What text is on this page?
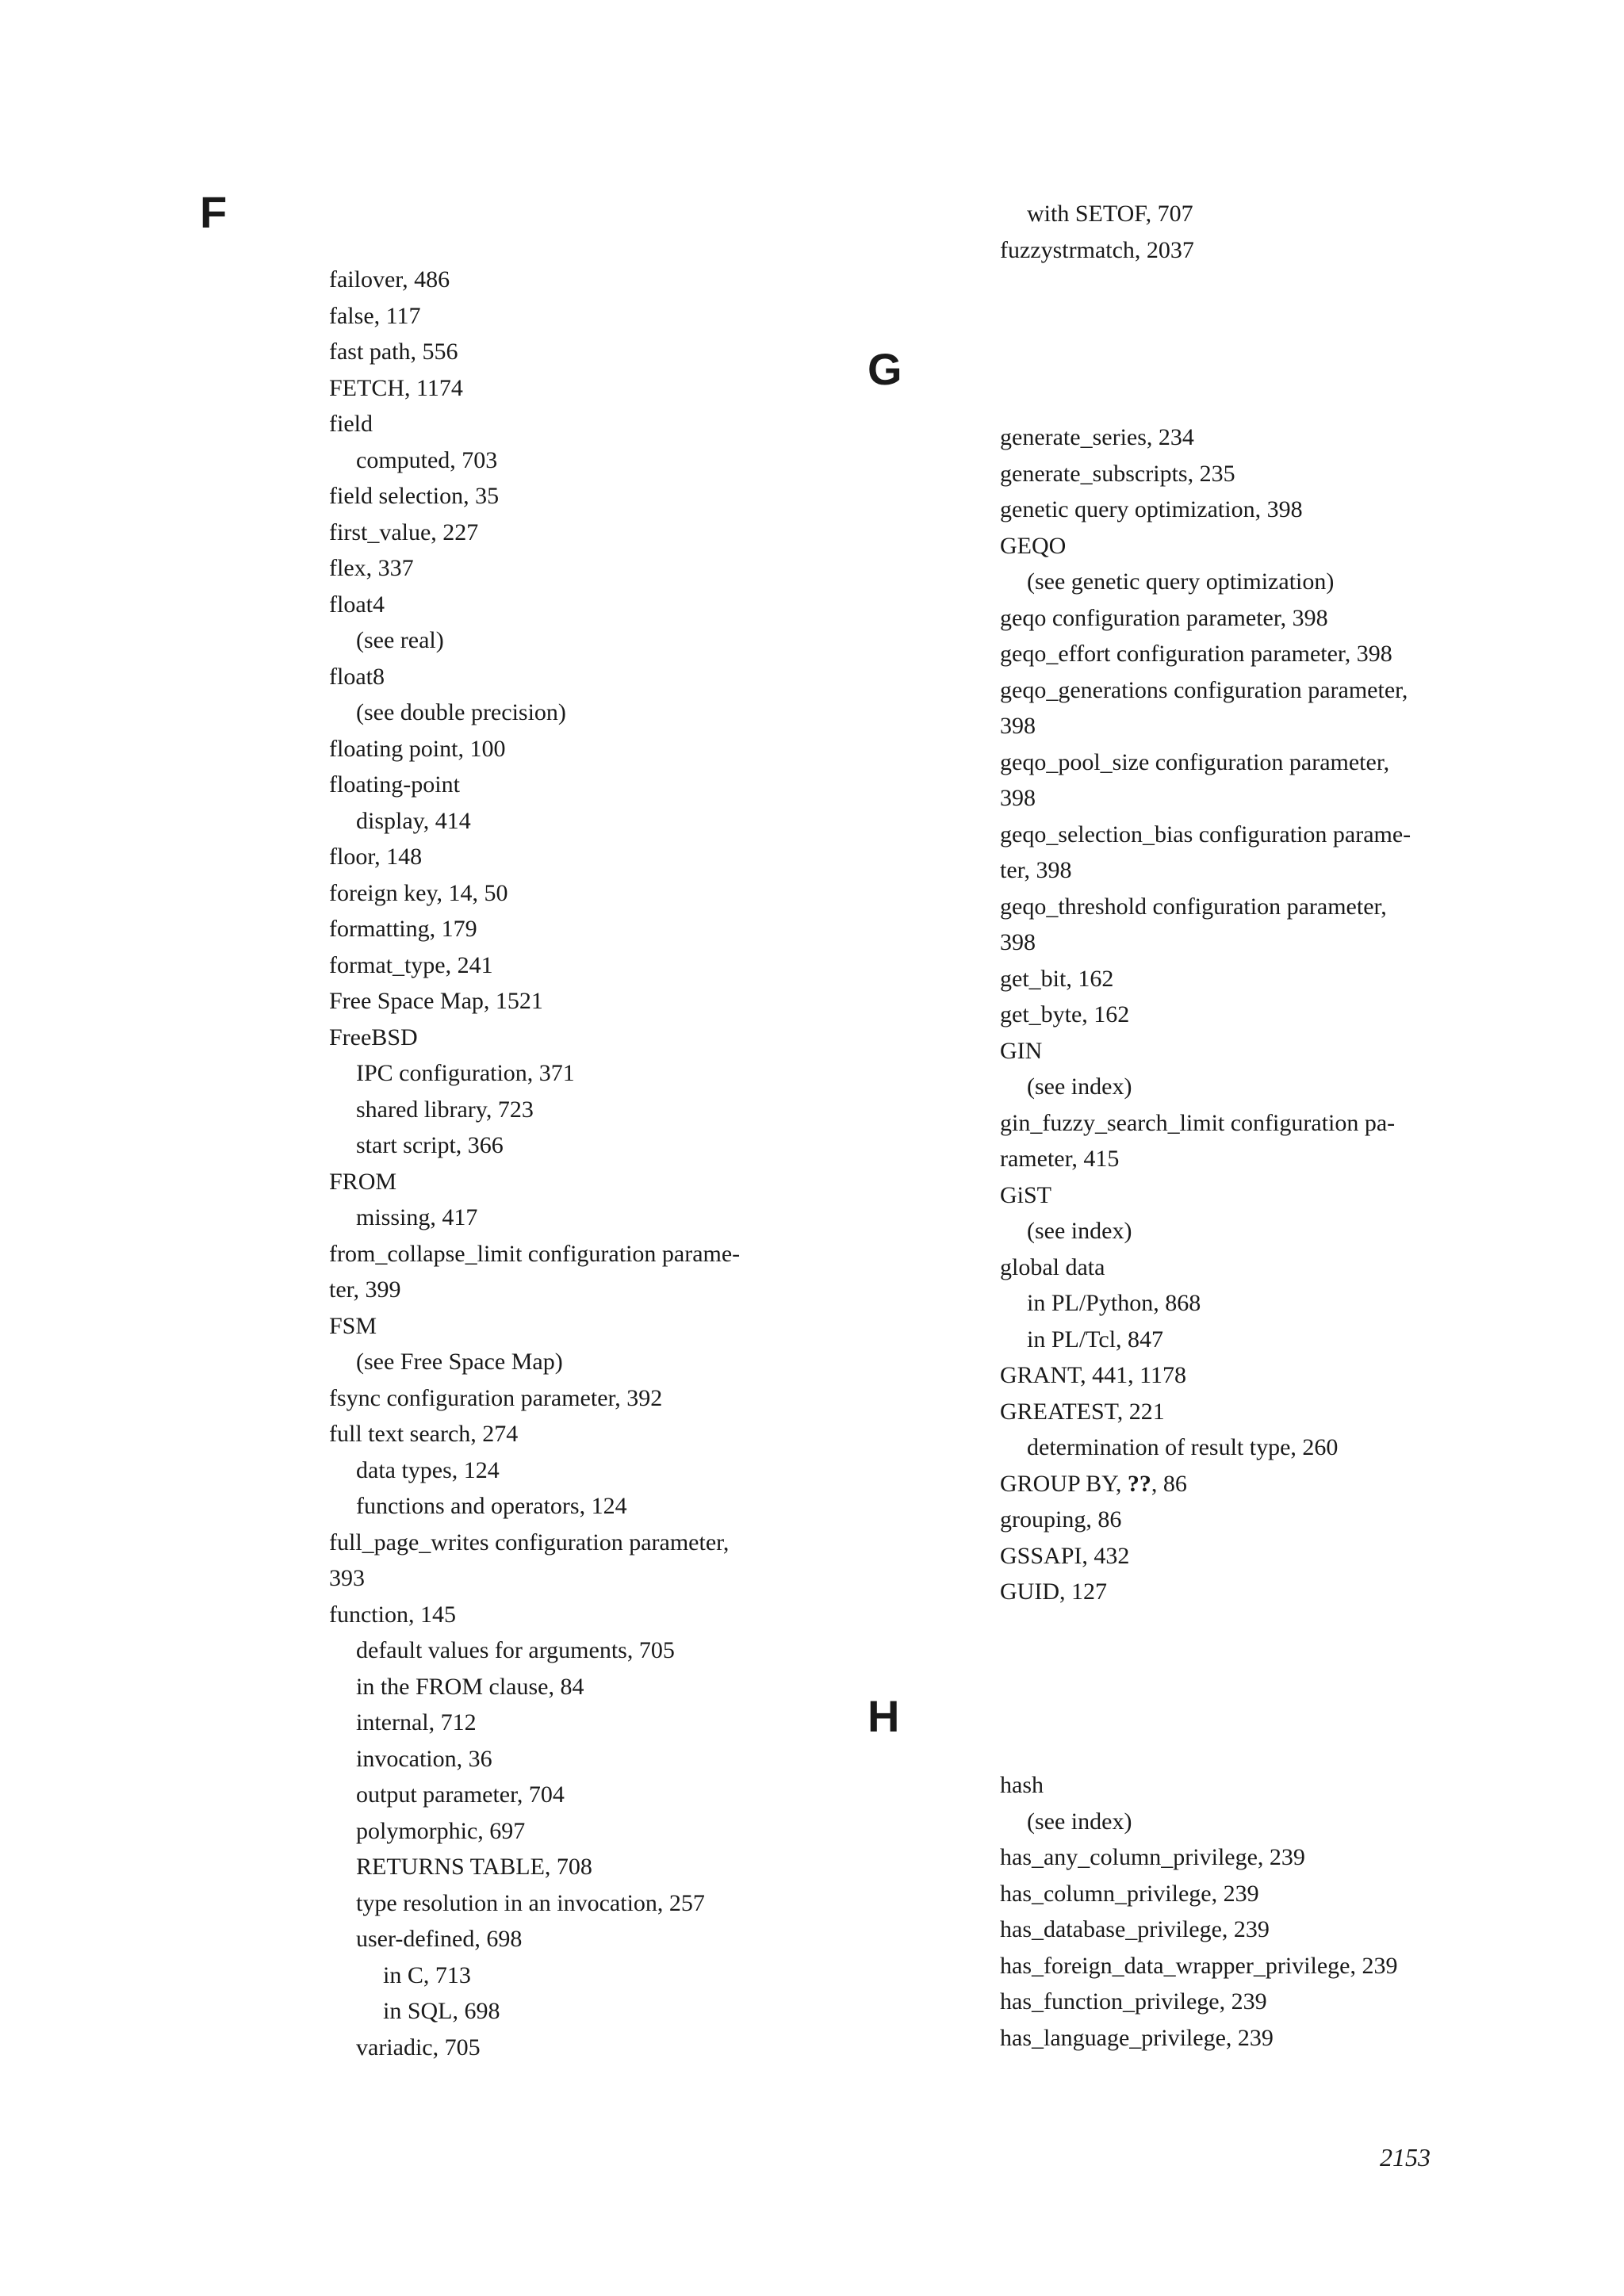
F
failover, 486
false, 117
fast path, 556
FETCH, 1174
field
computed, 703
field selection, 35
first_value, 227
flex, 337
float4
(see real)
float8
(see double precision)
floating point, 100
floating-point
display, 414
floor, 148
foreign key, 14, 50
formatting, 179
format_type, 241
Free Space Map, 1521
FreeBSD
IPC configuration, 371
shared library, 723
start script, 366
FROM
missing, 417
from_collapse_limit configuration parame-
ter, 399
FSM
(see Free Space Map)
fsync configuration parameter, 392
full text search, 274
data types, 124
functions and operators, 124
full_page_writes configuration parameter,
393
function, 145
default values for arguments, 705
in the FROM clause, 84
internal, 712
invocation, 36
output parameter, 704
polymorphic, 697
RETURNS TABLE, 708
type resolution in an invocation, 257
user-defined, 698
in C, 713
in SQL, 698
variadic, 705
with SETOF, 707
fuzzystrmatch, 2037
G
generate_series, 234
generate_subscripts, 235
genetic query optimization, 398
GEQO
(see genetic query optimization)
geqo configuration parameter, 398
geqo_effort configuration parameter, 398
geqo_generations configuration parameter,
398
geqo_pool_size configuration parameter,
398
geqo_selection_bias configuration parame-
ter, 398
geqo_threshold configuration parameter,
398
get_bit, 162
get_byte, 162
GIN
(see index)
gin_fuzzy_search_limit configuration pa-
rameter, 415
GiST
(see index)
global data
in PL/Python, 868
in PL/Tcl, 847
GRANT, 441, 1178
GREATEST, 221
determination of result type, 260
GROUP BY, ??, 86
grouping, 86
GSSAPI, 432
GUID, 127
H
hash
(see index)
has_any_column_privilege, 239
has_column_privilege, 239
has_database_privilege, 239
has_foreign_data_wrapper_privilege, 239
has_function_privilege, 239
has_language_privilege, 239

2153
